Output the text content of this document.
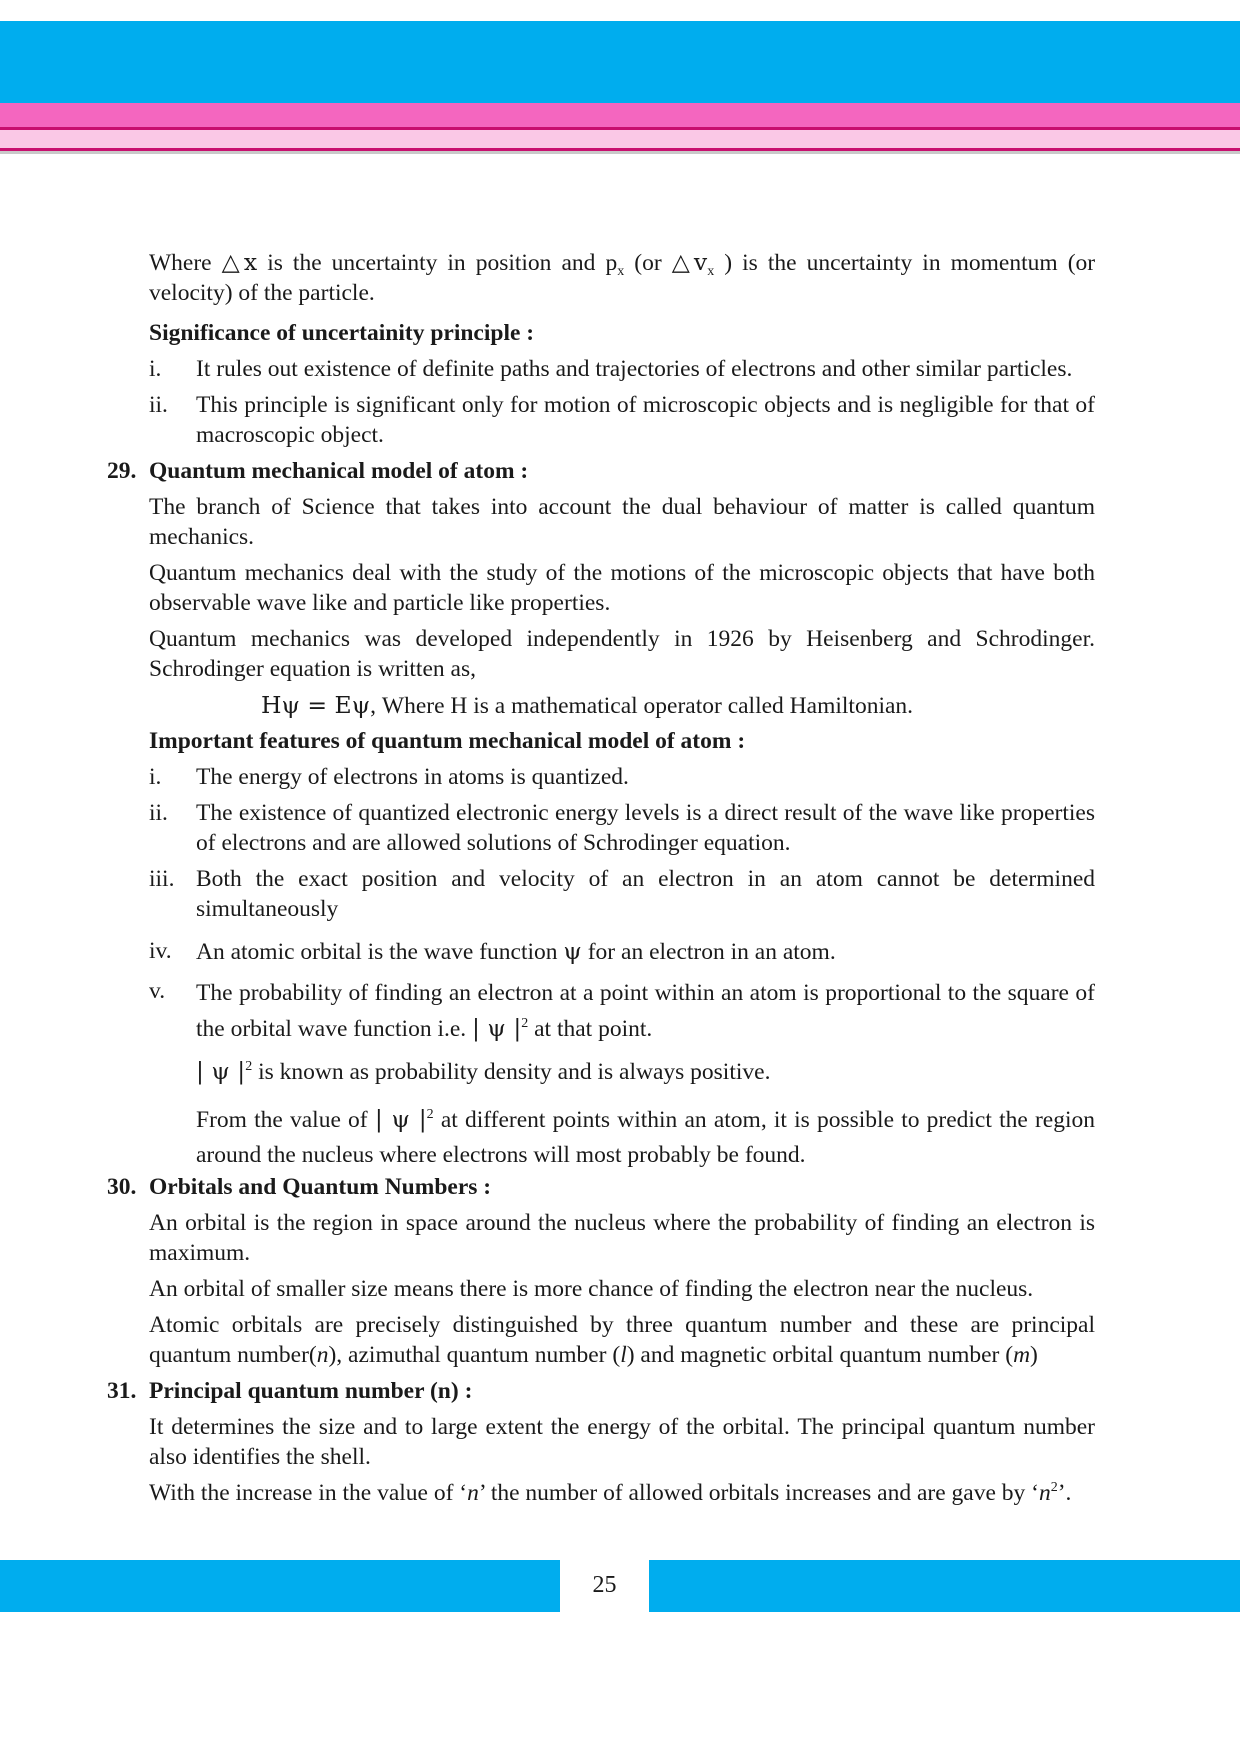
Where △x is the uncertainty in position and $p_x$ (or $\triangle v_x$ ) is the uncertainty in momentum (or velocity) of the particle.
Significance of uncertainity principle :
i.	It rules out existence of definite paths and trajectories of electrons and other similar particles.
ii.	This principle is significant only for motion of microscopic objects and is negligible for that of macroscopic object.
29. Quantum mechanical model of atom :
The branch of Science that takes into account the dual behaviour of matter is called quantum mechanics.
Quantum mechanics deal with the study of the motions of the microscopic objects that have both observable wave like and particle like properties.
Quantum mechanics was developed independently in 1926 by Heisenberg and Schrodinger. Schrodinger equation is written as,
Hψ = Eψ, Where H is a mathematical operator called Hamiltonian.
Important features of quantum mechanical model of atom :
i.	The energy of electrons in atoms is quantized.
ii.	The existence of quantized electronic energy levels is a direct result of the wave like properties of electrons and are allowed solutions of Schrodinger equation.
iii. Both the exact position and velocity of an electron in an atom cannot be determined simultaneously
iv.	An atomic orbital is the wave function ψ for an electron in an atom.
v.	The probability of finding an electron at a point within an atom is proportional to the square of the orbital wave function i.e. | ψ $|^2$ at that point.
| ψ $|^2$ is known as probability density and is always positive.
From the value of | ψ $|^2$ at different points within an atom, it is possible to predict the region around the nucleus where electrons will most probably be found.
30. Orbitals and Quantum Numbers :
An orbital is the region in space around the nucleus where the probability of finding an electron is maximum.
An orbital of smaller size means there is more chance of finding the electron near the nucleus.
Atomic orbitals are precisely distinguished by three quantum number and these are principal quantum number(n), azimuthal quantum number (l) and magnetic orbital quantum number (m)
31. Principal quantum number (n) :
It determines the size and to large extent the energy of the orbital. The principal quantum number also identifies the shell.
With the increase in the value of ‘n’ the number of allowed orbitals increases and are gave by ‘$n^2$’.
25
